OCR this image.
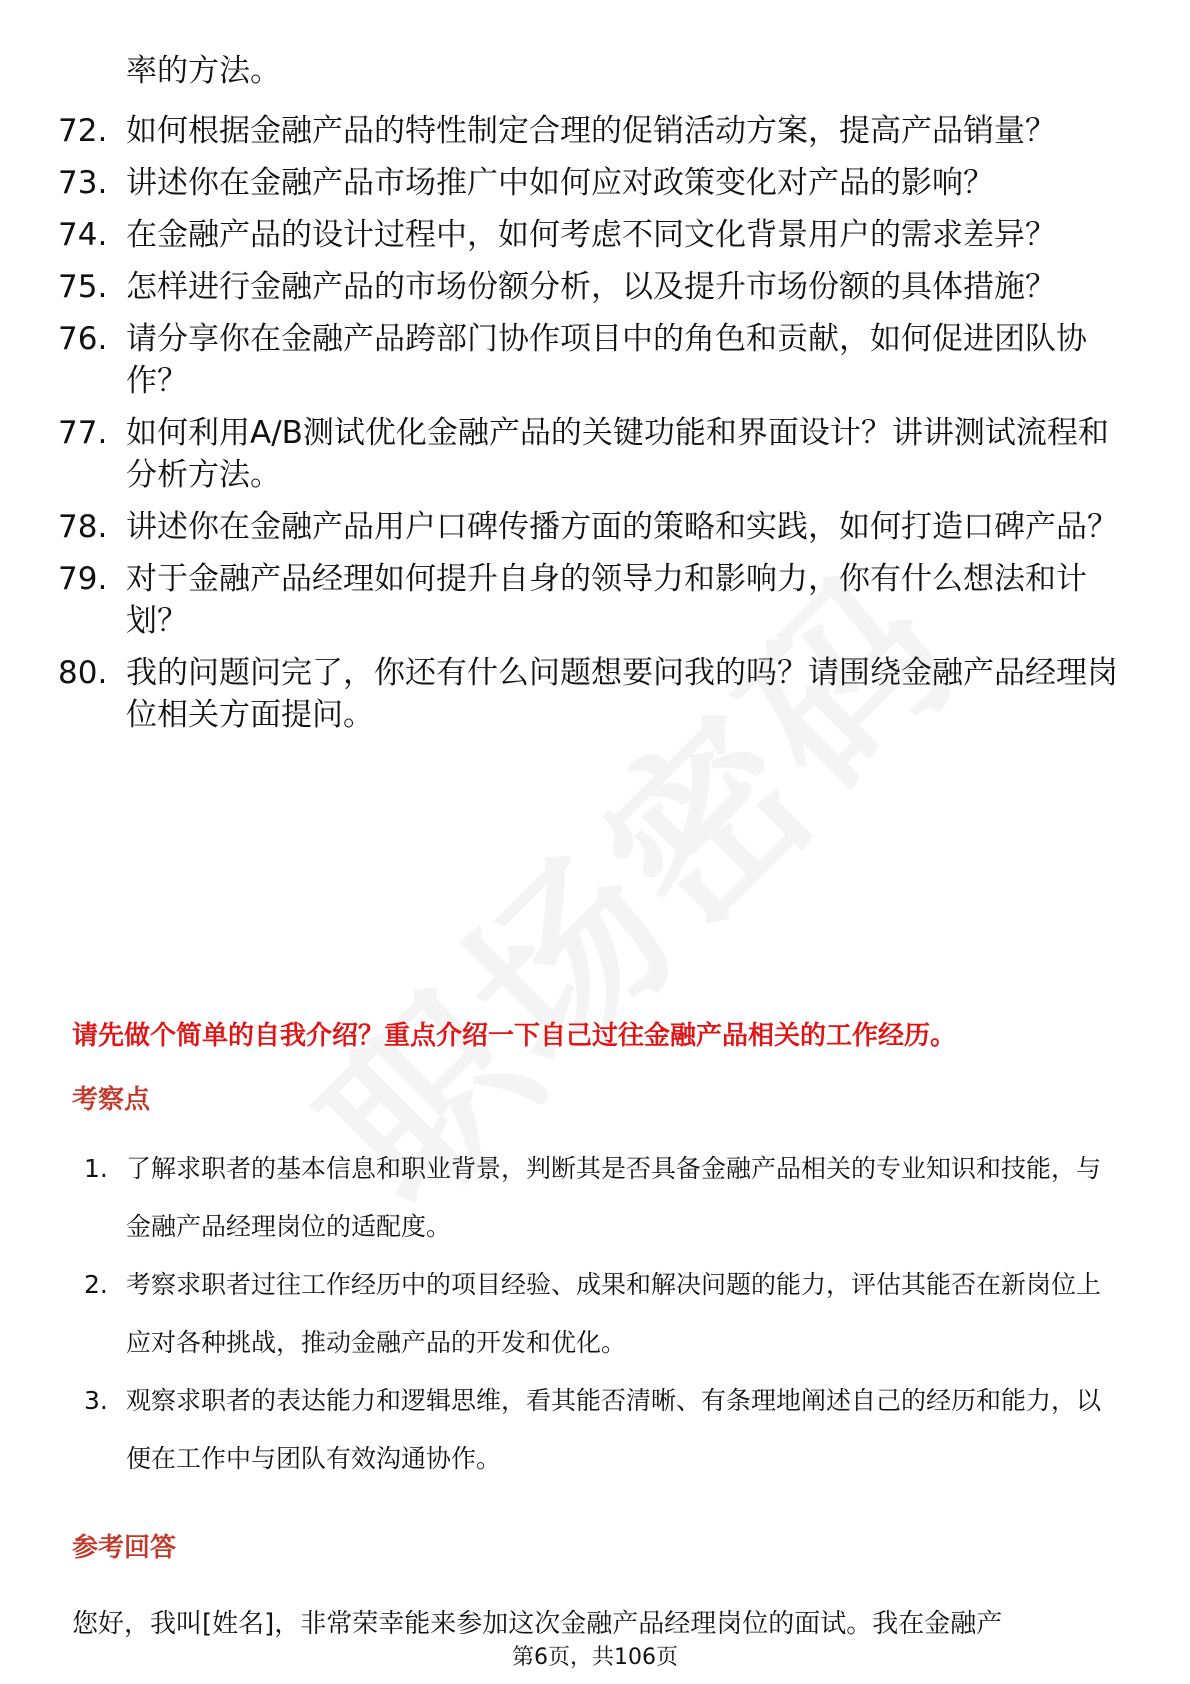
率的方法。
72. 如何根据金融产品的特性制定合理的促销活动方案，提高产品销量？
73. 讲述你在金融产品市场推广中如何应对政策变化对产品的影响？
74. 在金融产品的设计过程中，如何考虑不同文化背景用户的需求差异？
75. 怎样进行金融产品的市场份额分析，以及提升市场份额的具体措施？
76. 请分享你在金融产品跨部门协作项目中的角色和贡献，如何促进团队协作？
77. 如何利用A/B测试优化金融产品的关键功能和界面设计？讲讲测试流程和分析方法。
78. 讲述你在金融产品用户口碑传播方面的策略和实践，如何打造口碑产品？
79. 对于金融产品经理如何提升自身的领导力和影响力，你有什么想法和计划？
80. 我的问题问完了，你还有什么问题想要问我的吗？请围绕金融产品经理岗位相关方面提问。
请先做个简单的自我介绍？重点介绍一下自己过往金融产品相关的工作经历。
考察点
1. 了解求职者的基本信息和职业背景，判断其是否具备金融产品相关的专业知识和技能，与金融产品经理岗位的适配度。
2. 考察求职者过往工作经历中的项目经验、成果和解决问题的能力，评估其能否在新岗位上应对各种挑战，推动金融产品的开发和优化。
3. 观察求职者的表达能力和逻辑思维，看其能否清晰、有条理地阐述自己的经历和能力，以便在工作中与团队有效沟通协作。
参考回答
您好，我叫[姓名]，非常荣幸能来参加这次金融产品经理岗位的面试。我在金融产
第6页，共106页
